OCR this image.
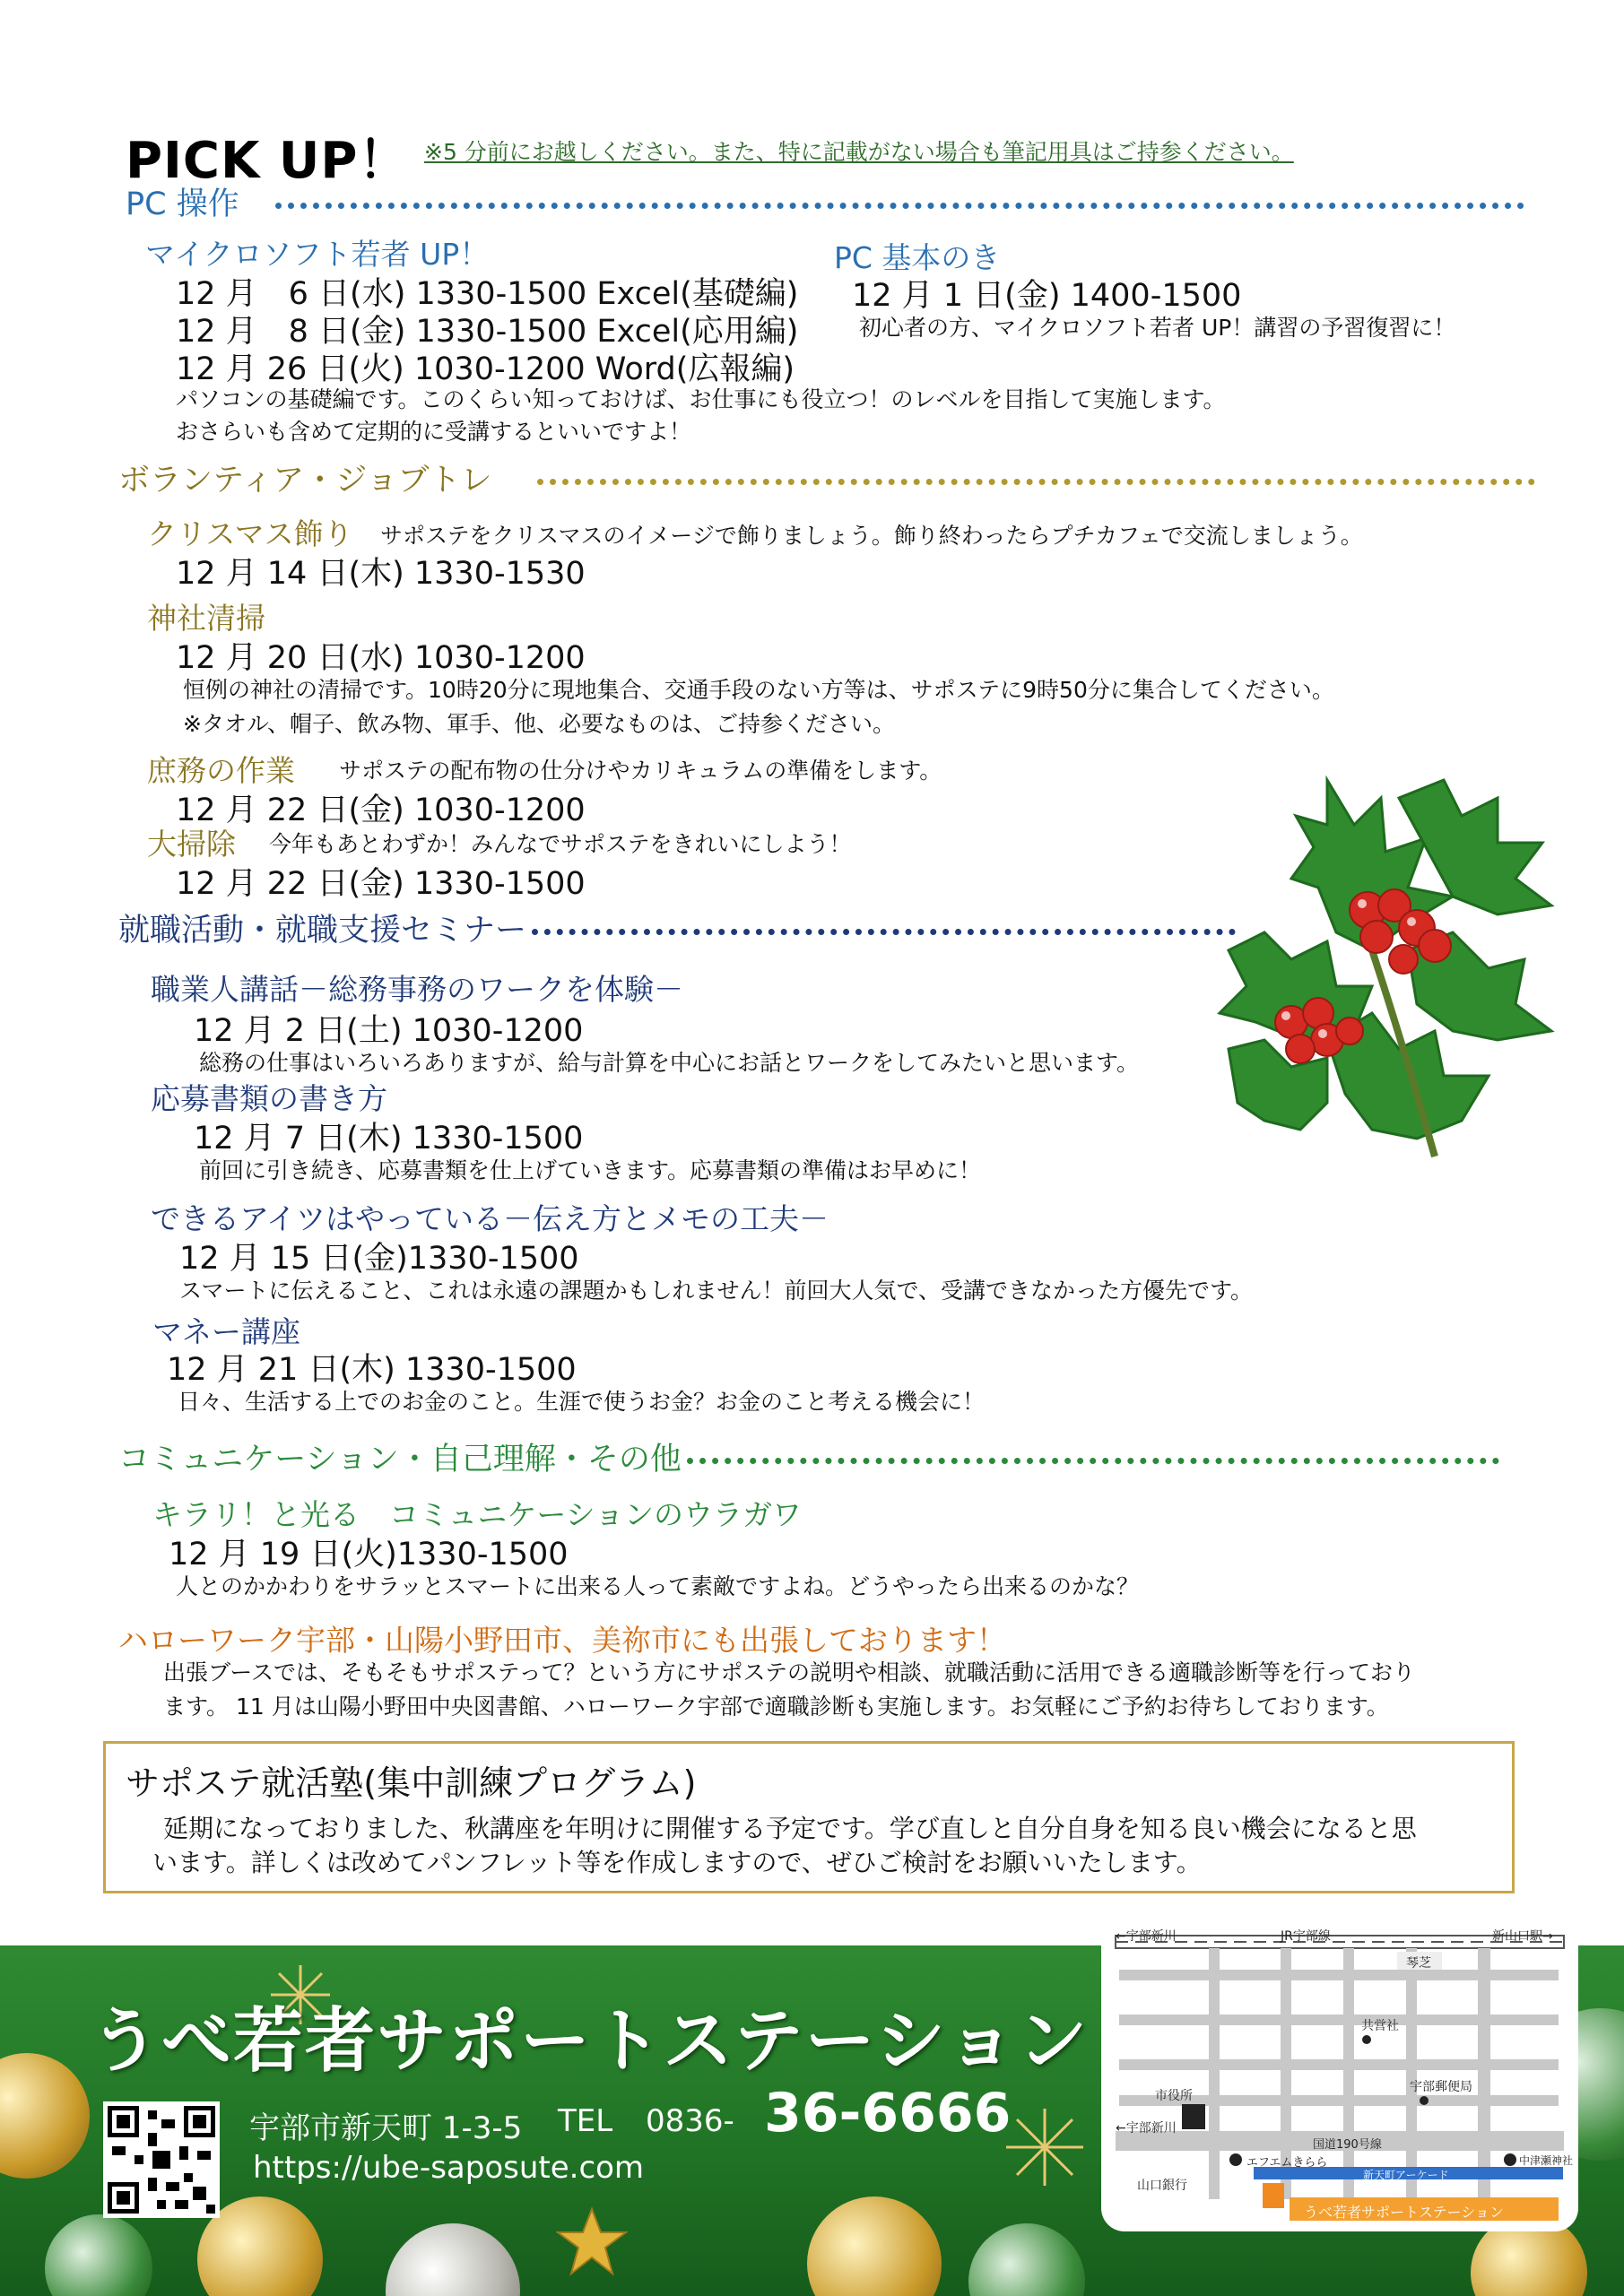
PICK UP！ ※5 分前にお越しください。また、特に記載がない場合も筆記用具はご持参ください。
PC 操作
マイクロソフト若者 UP！
12 月　6 日(水) 1330-1500 Excel(基礎編)
12 月　8 日(金) 1330-1500 Excel(応用編)
12 月 26 日(火) 1030-1200 Word(広報編)
パソコンの基礎編です。このくらい知っておけば、お仕事にも役立つ！のレベルを目指して実施します。
おさらいも含めて定期的に受講するといいですよ！
PC 基本のき
12 月 1 日(金) 1400-1500
初心者の方、マイクロソフト若者 UP！講習の予習復習に！
ボランティア・ジョブトレ
クリスマス飾り サポステをクリスマスのイメージで飾りましょう。飾り終わったらプチカフェで交流しましょう。
12 月 14 日(木) 1330-1530
神社清掃
12 月 20 日(水) 1030-1200
恒例の神社の清掃です。10時20分に現地集合、交通手段のない方等は、サポステに9時50分に集合してください。
※タオル、帽子、飲み物、軍手、他、必要なものは、ご持参ください。
庶務の作業 サポステの配布物の仕分けやカリキュラムの準備をします。
12 月 22 日(金) 1030-1200
大掃除 今年もあとわずか！みんなでサポステをきれいにしよう！
12 月 22 日(金) 1330-1500
就職活動・就職支援セミナー
職業人講話－総務事務のワークを体験－
12 月 2 日(土) 1030-1200
総務の仕事はいろいろありますが、給与計算を中心にお話とワークをしてみたいと思います。
応募書類の書き方
12 月 7 日(木) 1330-1500
前回に引き続き、応募書類を仕上げていきます。応募書類の準備はお早めに！
できるアイツはやっている－伝え方とメモの工夫－
12 月 15 日(金)1330-1500
スマートに伝えること、これは永遠の課題かもしれません！前回大人気で、受講できなかった方優先です。
マネー講座
12 月 21 日(木) 1330-1500
日々、生活する上でのお金のこと。生涯で使うお金？お金のこと考える機会に！
コミュニケーション・自己理解・その他
キラリ！と光る　コミュニケーションのウラガワ
12 月 19 日(火)1330-1500
人とのかかわりをサラッとスマートに出来る人って素敵ですよね。どうやったら出来るのかな？
ハローワーク宇部・山陽小野田市、美祢市にも出張しております！
出張ブースでは、そもそもサポステって？という方にサポステの説明や相談、就職活動に活用できる適職診断等を行っており
ます。 11 月は山陽小野田中央図書館、ハローワーク宇部で適職診断も実施します。お気軽にご予約お待ちしております。
サポステ就活塾(集中訓練プログラム)
延期になっておりました、秋講座を年明けに開催する予定です。学び直しと自分自身を知る良い機会になると思
います。詳しくは改めてパンフレット等を作成しますので、ぜひご検討をお願いいたします。
うべ若者サポートステーション
宇部市新天町 1-3-5 TEL 0836- 36-6666
https://ube-saposute.com
←宇部新川	JR宇部線	新山口駅→
琴芝
共営社
市役所
宇部郵便局
←宇部新川
国道190号線
エフエムきらら	中津瀬神社
新天町アーケード
山口銀行
うべ若者サポートステーション
